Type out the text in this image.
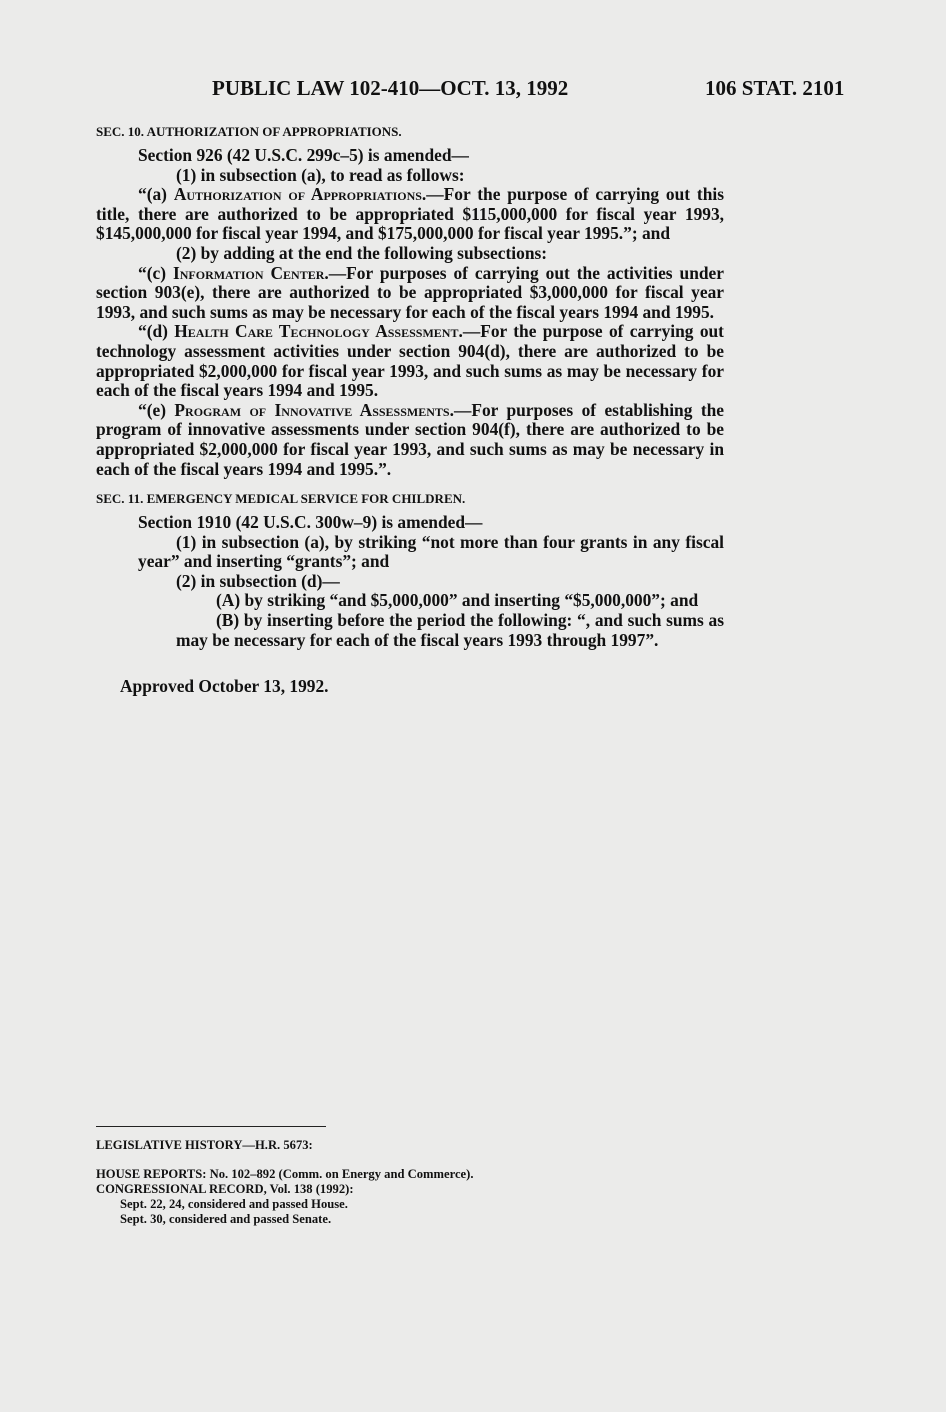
PUBLIC LAW 102-410—OCT. 13, 1992	106 STAT. 2101
SEC. 10. AUTHORIZATION OF APPROPRIATIONS.

Section 926 (42 U.S.C. 299c–5) is amended—

(1) in subsection (a), to read as follows:

“(a) Authorization of Appropriations.—For the purpose of carrying out this title, there are authorized to be appropriated $115,000,000 for fiscal year 1993, $145,000,000 for fiscal year 1994, and $175,000,000 for fiscal year 1995.”; and

(2) by adding at the end the following subsections:

“(c) Information Center.—For purposes of carrying out the activities under section 903(e), there are authorized to be appropriated $3,000,000 for fiscal year 1993, and such sums as may be necessary for each of the fiscal years 1994 and 1995.

“(d) Health Care Technology Assessment.—For the purpose of carrying out technology assessment activities under section 904(d), there are authorized to be appropriated $2,000,000 for fiscal year 1993, and such sums as may be necessary for each of the fiscal years 1994 and 1995.

“(e) Program of Innovative Assessments.—For purposes of establishing the program of innovative assessments under section 904(f), there are authorized to be appropriated $2,000,000 for fiscal year 1993, and such sums as may be necessary in each of the fiscal years 1994 and 1995.”.

SEC. 11. EMERGENCY MEDICAL SERVICE FOR CHILDREN.

Section 1910 (42 U.S.C. 300w–9) is amended—

(1) in subsection (a), by striking “not more than four grants in any fiscal year” and inserting “grants”; and

(2) in subsection (d)—

(A) by striking “and $5,000,000” and inserting “$5,000,000”; and

(B) by inserting before the period the following: “, and such sums as may be necessary for each of the fiscal years 1993 through 1997”.

Approved October 13, 1992.

LEGISLATIVE HISTORY—H.R. 5673:
HOUSE REPORTS: No. 102–892 (Comm. on Energy and Commerce).
CONGRESSIONAL RECORD, Vol. 138 (1992):
Sept. 22, 24, considered and passed House.
Sept. 30, considered and passed Senate.
